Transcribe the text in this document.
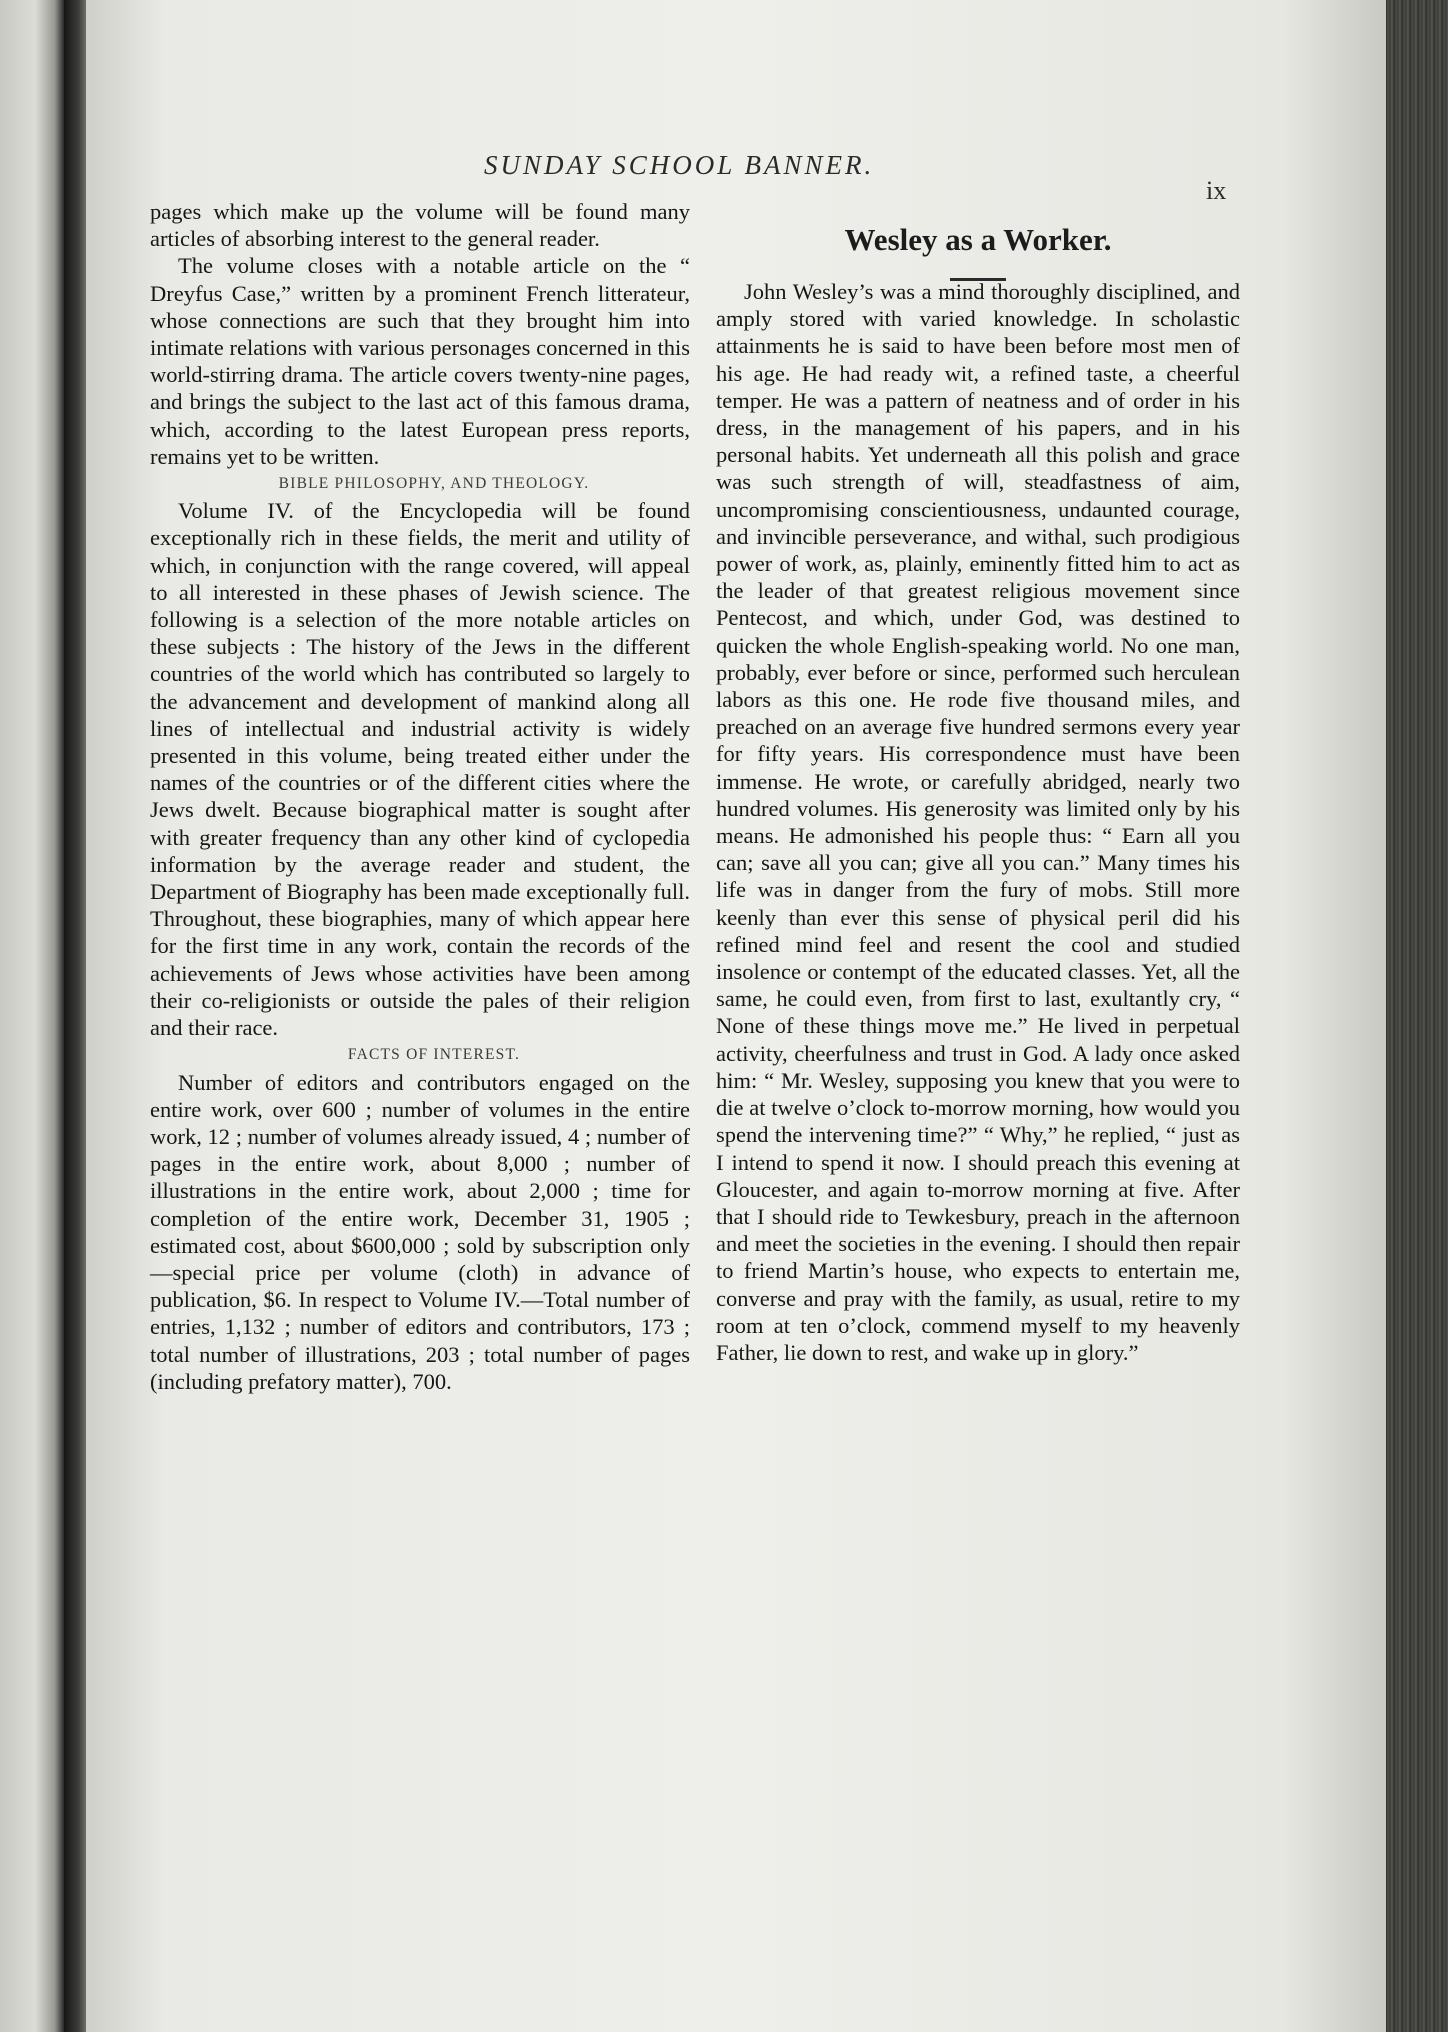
SUNDAY SCHOOL BANNER.
ix

pages which make up the volume will be found many articles of absorbing interest to the general reader.

The volume closes with a notable article on the “ Dreyfus Case,” written by a prominent French litterateur, whose connections are such that they brought him into intimate relations with various personages concerned in this world-stirring drama. The article covers twenty-nine pages, and brings the subject to the last act of this famous drama, which, according to the latest European press reports, remains yet to be written.

BIBLE PHILOSOPHY, AND THEOLOGY.

Volume IV. of the Encyclopedia will be found exceptionally rich in these fields, the merit and utility of which, in conjunction with the range covered, will appeal to all interested in these phases of Jewish science. The following is a selection of the more notable articles on these subjects : The history of the Jews in the different countries of the world which has contributed so largely to the advancement and development of mankind along all lines of intellectual and industrial activity is widely presented in this volume, being treated either under the names of the countries or of the different cities where the Jews dwelt. Because biographical matter is sought after with greater frequency than any other kind of cyclopedia information by the average reader and student, the Department of Biography has been made exceptionally full. Throughout, these biographies, many of which appear here for the first time in any work, contain the records of the achievements of Jews whose activities have been among their co-religionists or outside the pales of their religion and their race.

FACTS OF INTEREST.

Number of editors and contributors engaged on the entire work, over 600 ; number of volumes in the entire work, 12 ; number of volumes already issued, 4 ; number of pages in the entire work, about 8,000 ; number of illustrations in the entire work, about 2,000 ; time for completion of the entire work, December 31, 1905 ; estimated cost, about $600,000 ; sold by subscription only—special price per volume (cloth) in advance of publication, $6. In respect to Volume IV.—Total number of entries, 1,132 ; number of editors and contributors, 173 ; total number of illustrations, 203 ; total number of pages (including prefatory matter), 700.

Wesley as a Worker.

John Wesley’s was a mind thoroughly disciplined, and amply stored with varied knowledge. In scholastic attainments he is said to have been before most men of his age. He had ready wit, a refined taste, a cheerful temper. He was a pattern of neatness and of order in his dress, in the management of his papers, and in his personal habits. Yet underneath all this polish and grace was such strength of will, steadfastness of aim, uncompromising conscientiousness, undaunted courage, and invincible perseverance, and withal, such prodigious power of work, as, plainly, eminently fitted him to act as the leader of that greatest religious movement since Pentecost, and which, under God, was destined to quicken the whole English-speaking world. No one man, probably, ever before or since, performed such herculean labors as this one. He rode five thousand miles, and preached on an average five hundred sermons every year for fifty years. His correspondence must have been immense. He wrote, or carefully abridged, nearly two hundred volumes. His generosity was limited only by his means. He admonished his people thus: “ Earn all you can; save all you can; give all you can.” Many times his life was in danger from the fury of mobs. Still more keenly than ever this sense of physical peril did his refined mind feel and resent the cool and studied insolence or contempt of the educated classes. Yet, all the same, he could even, from first to last, exultantly cry, “ None of these things move me.” He lived in perpetual activity, cheerfulness and trust in God. A lady once asked him: “ Mr. Wesley, supposing you knew that you were to die at twelve o’clock to-morrow morning, how would you spend the intervening time?” “ Why,” he replied, “ just as I intend to spend it now. I should preach this evening at Gloucester, and again to-morrow morning at five. After that I should ride to Tewkesbury, preach in the afternoon and meet the societies in the evening. I should then repair to friend Martin’s house, who expects to entertain me, converse and pray with the family, as usual, retire to my room at ten o’clock, commend myself to my heavenly Father, lie down to rest, and wake up in glory.”
